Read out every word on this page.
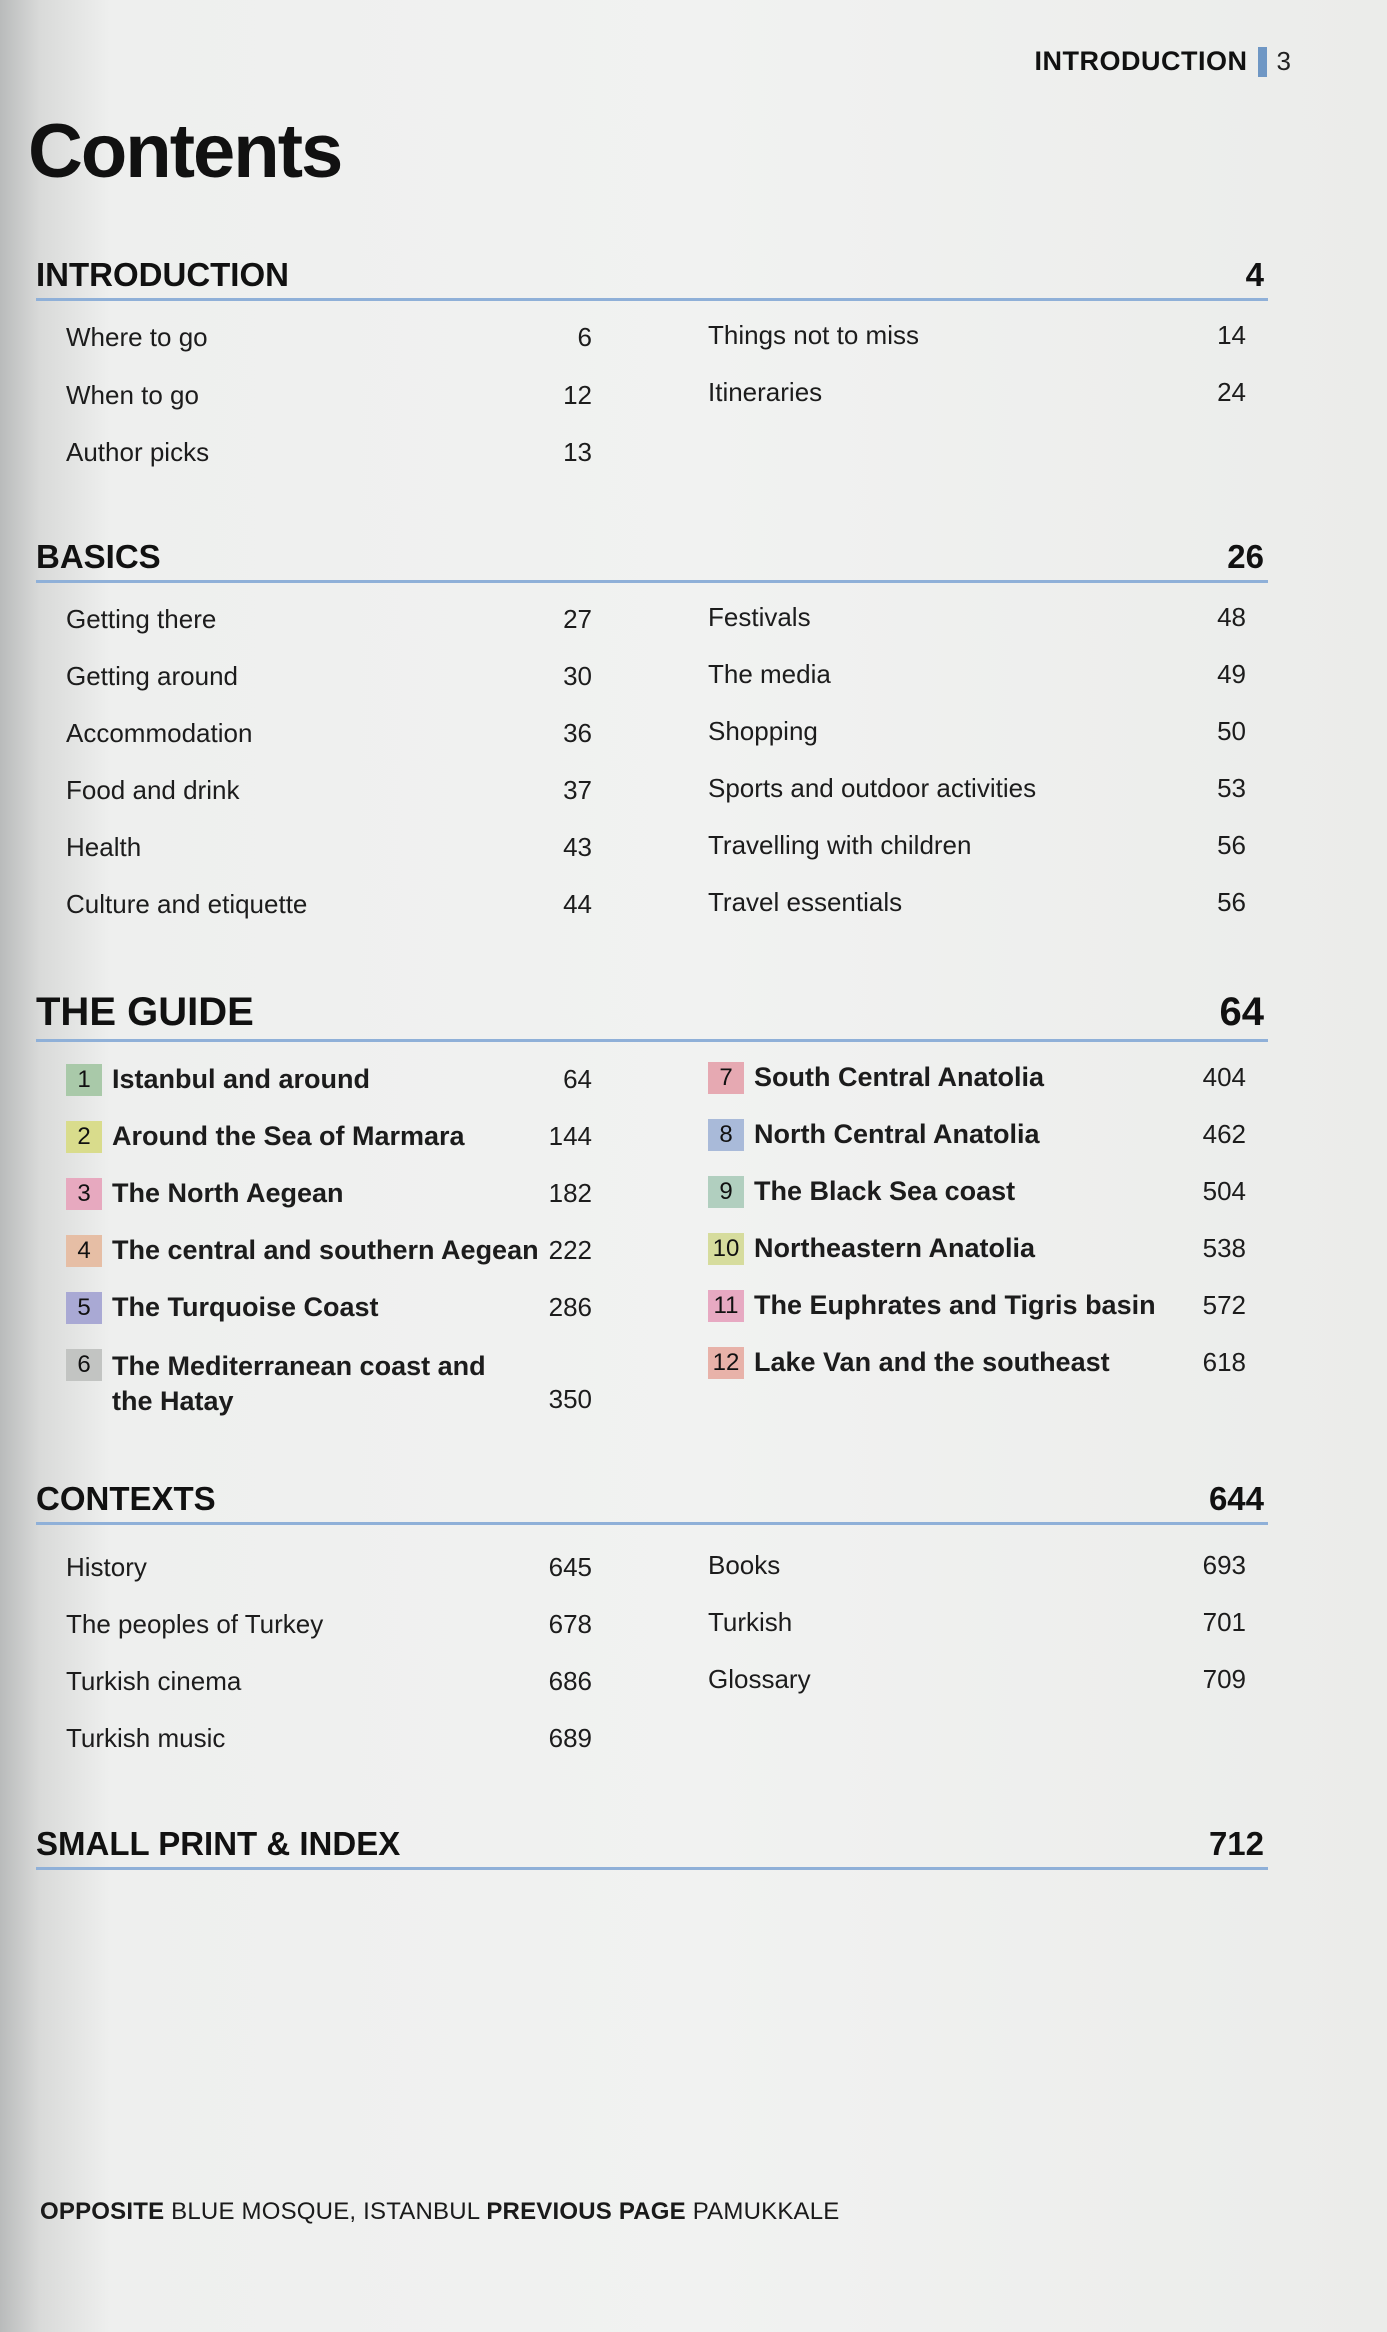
INTRODUCTION 3
Contents
INTRODUCTION	4
Where to go	6
When to go	12
Author picks	13
Things not to miss	14
Itineraries	24
BASICS	26
Getting there	27
Getting around	30
Accommodation	36
Food and drink	37
Health	43
Culture and etiquette	44
Festivals	48
The media	49
Shopping	50
Sports and outdoor activities	53
Travelling with children	56
Travel essentials	56
THE GUIDE	64
1 Istanbul and around	64
2 Around the Sea of Marmara	144
3 The North Aegean	182
4 The central and southern Aegean 222
5 The Turquoise Coast	286
6 The Mediterranean coast and the Hatay	350
7 South Central Anatolia	404
8 North Central Anatolia	462
9 The Black Sea coast	504
10 Northeastern Anatolia	538
11 The Euphrates and Tigris basin 572
12 Lake Van and the southeast	618
CONTEXTS	644
History	645
The peoples of Turkey	678
Turkish cinema	686
Turkish music	689
Books	693
Turkish	701
Glossary	709
SMALL PRINT & INDEX	712
OPPOSITE BLUE MOSQUE, ISTANBUL PREVIOUS PAGE PAMUKKALE
